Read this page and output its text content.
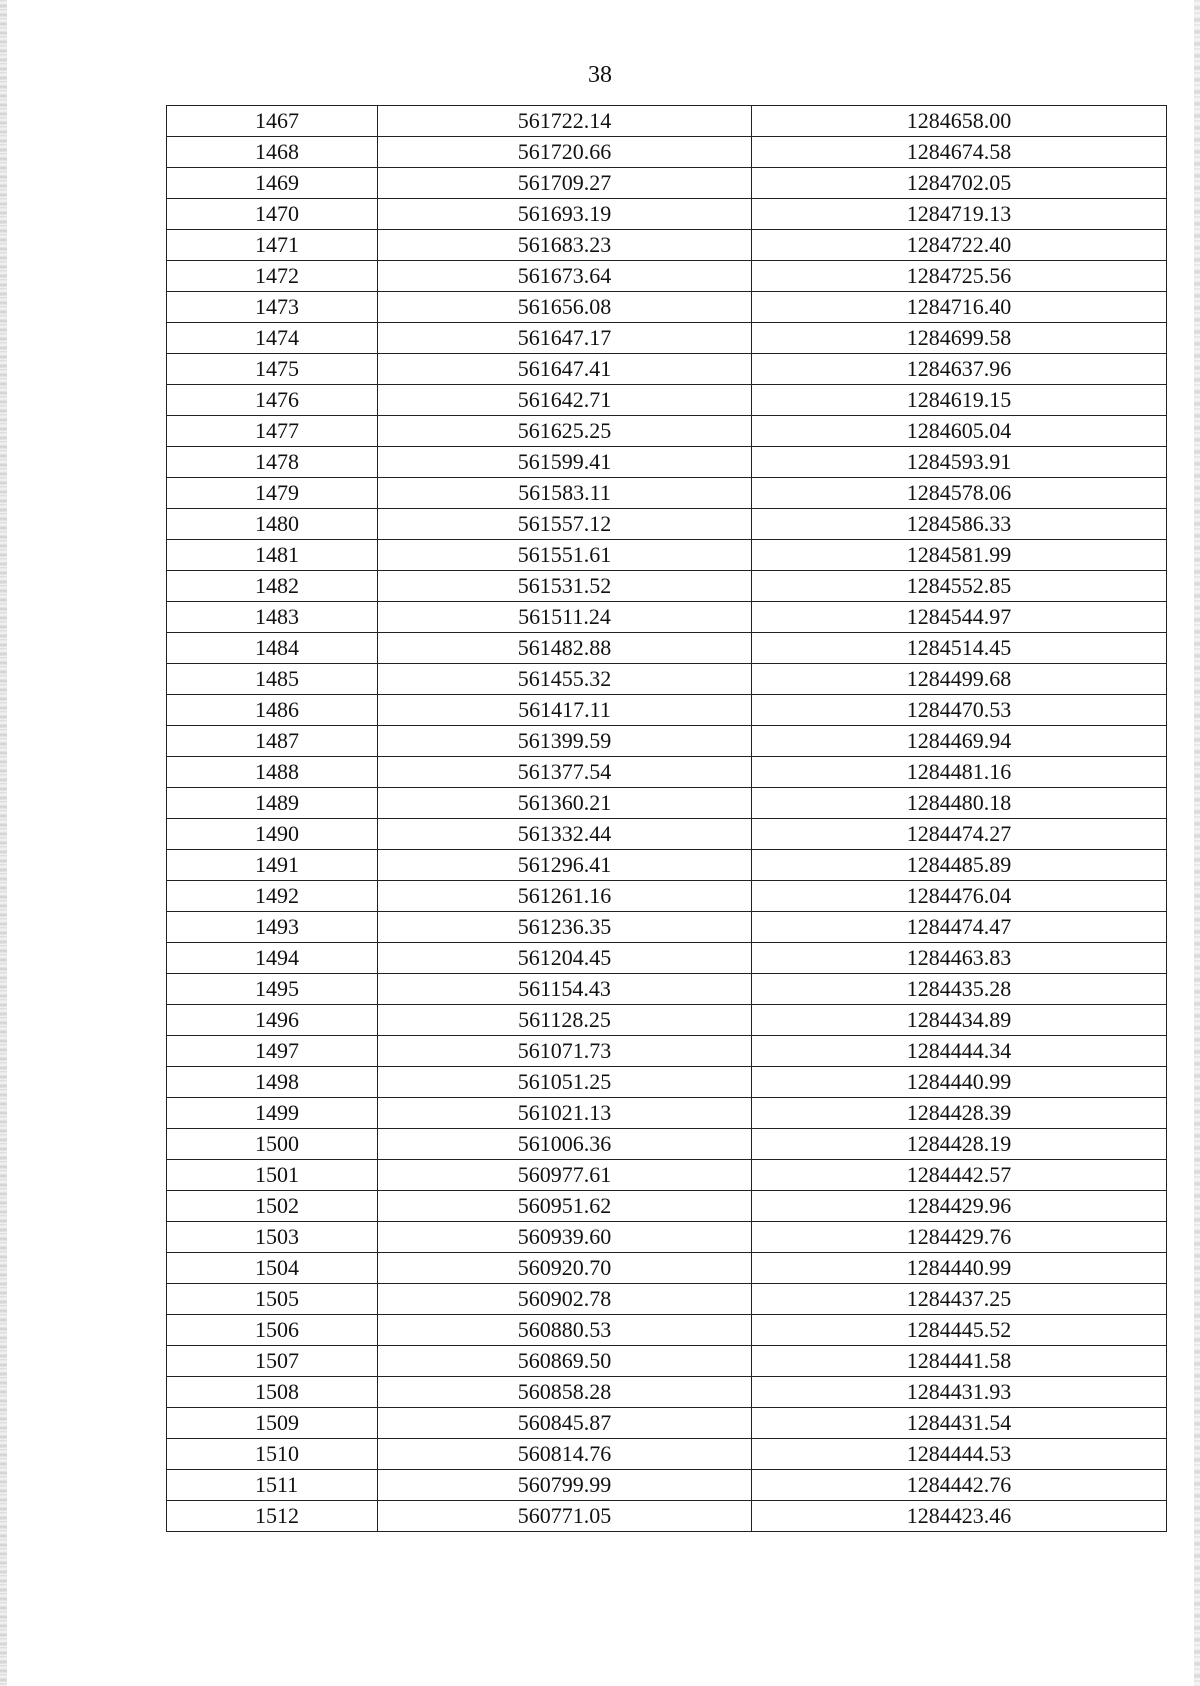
38
1467	561722.14	1284658.00
1468	561720.66	1284674.58
1469	561709.27	1284702.05
1470	561693.19	1284719.13
1471	561683.23	1284722.40
1472	561673.64	1284725.56
1473	561656.08	1284716.40
1474	561647.17	1284699.58
1475	561647.41	1284637.96
1476	561642.71	1284619.15
1477	561625.25	1284605.04
1478	561599.41	1284593.91
1479	561583.11	1284578.06
1480	561557.12	1284586.33
1481	561551.61	1284581.99
1482	561531.52	1284552.85
1483	561511.24	1284544.97
1484	561482.88	1284514.45
1485	561455.32	1284499.68
1486	561417.11	1284470.53
1487	561399.59	1284469.94
1488	561377.54	1284481.16
1489	561360.21	1284480.18
1490	561332.44	1284474.27
1491	561296.41	1284485.89
1492	561261.16	1284476.04
1493	561236.35	1284474.47
1494	561204.45	1284463.83
1495	561154.43	1284435.28
1496	561128.25	1284434.89
1497	561071.73	1284444.34
1498	561051.25	1284440.99
1499	561021.13	1284428.39
1500	561006.36	1284428.19
1501	560977.61	1284442.57
1502	560951.62	1284429.96
1503	560939.60	1284429.76
1504	560920.70	1284440.99
1505	560902.78	1284437.25
1506	560880.53	1284445.52
1507	560869.50	1284441.58
1508	560858.28	1284431.93
1509	560845.87	1284431.54
1510	560814.76	1284444.53
1511	560799.99	1284442.76
1512	560771.05	1284423.46
